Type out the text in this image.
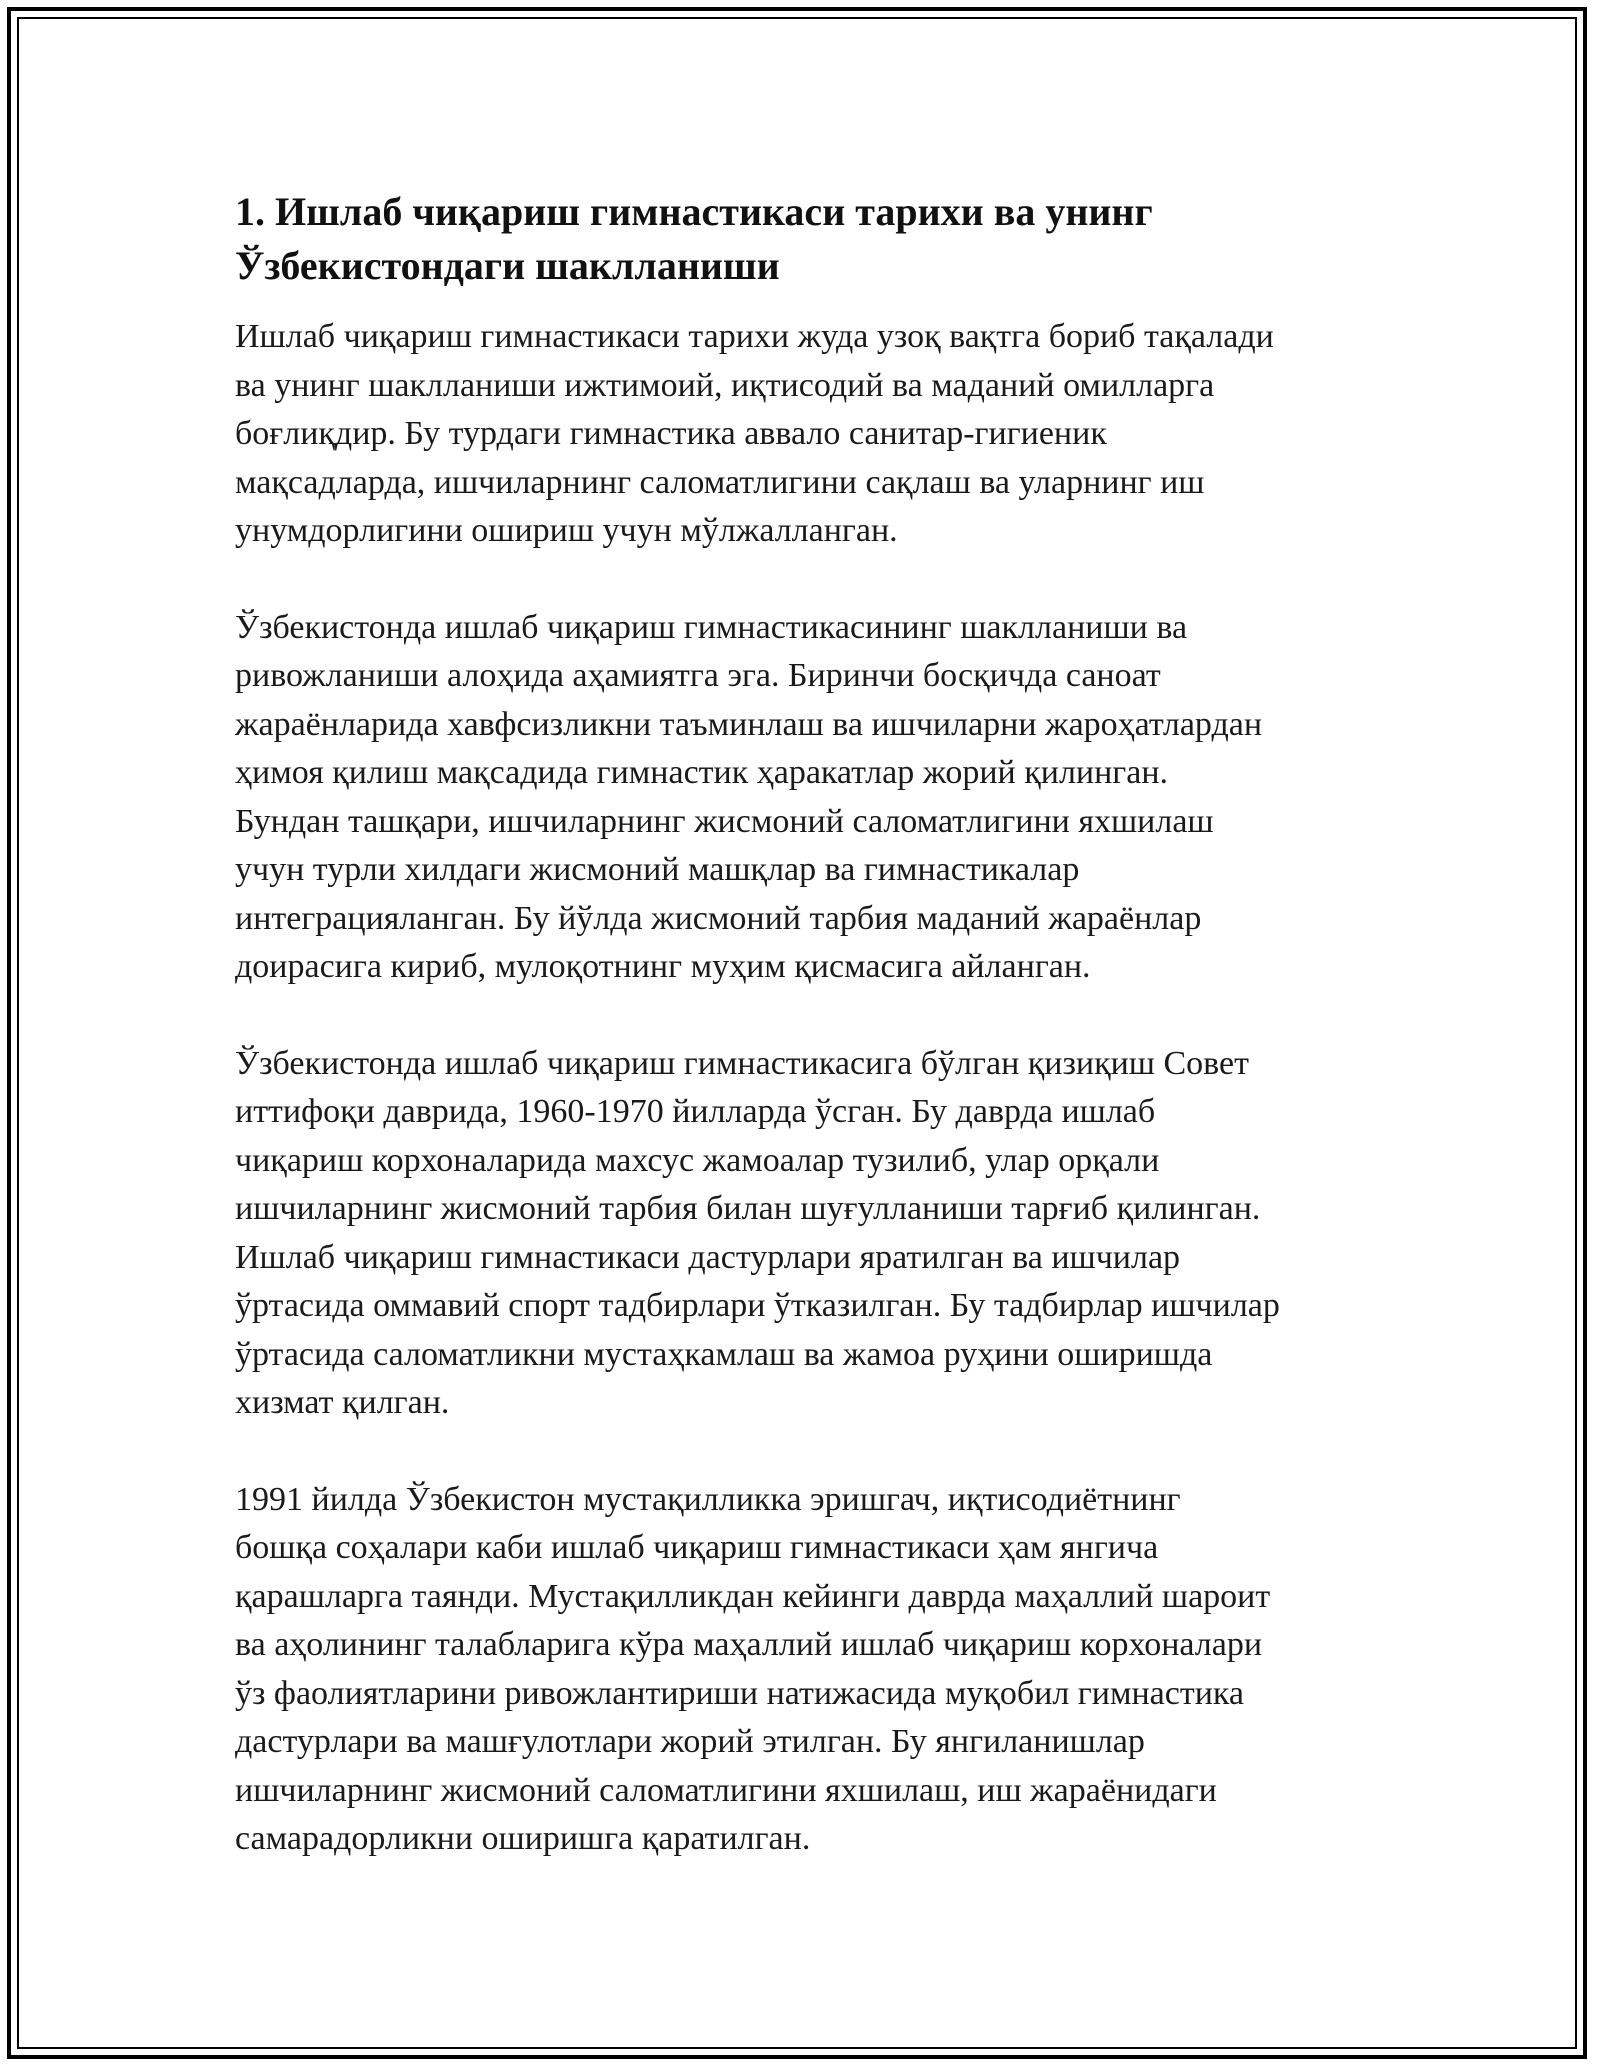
1. Ишлаб чиқариш гимнастикаси тарихи ва унинг
Ўзбекистондаги шаклланиши

Ишлаб чиқариш гимнастикаси тарихи жуда узоқ вақтга бориб тақалади
ва унинг шаклланиши ижтимоий, иқтисодий ва маданий омилларга
боғлиқдир. Бу турдаги гимнастика аввало санитар-гигиеник
мақсадларда, ишчиларнинг саломатлигини сақлаш ва уларнинг иш
унумдорлигини ошириш учун мўлжалланган.

Ўзбекистонда ишлаб чиқариш гимнастикасининг шаклланиши ва
ривожланиши алоҳида аҳамиятга эга. Биринчи босқичда саноат
жараёнларида хавфсизликни таъминлаш ва ишчиларни жароҳатлардан
ҳимоя қилиш мақсадида гимнастик ҳаракатлар жорий қилинган.
Бундан ташқари, ишчиларнинг жисмоний саломатлигини яхшилаш
учун турли хилдаги жисмоний машқлар ва гимнастикалар
интеграцияланган. Бу йўлда жисмоний тарбия маданий жараёнлар
доирасига кириб, мулоқотнинг муҳим қисмасига айланган.

Ўзбекистонда ишлаб чиқариш гимнастикасига бўлган қизиқиш Совет
иттифоқи даврида, 1960-1970 йилларда ўсган. Бу даврда ишлаб
чиқариш корхоналарида махсус жамоалар тузилиб, улар орқали
ишчиларнинг жисмоний тарбия билан шуғулланиши тарғиб қилинган.
Ишлаб чиқариш гимнастикаси дастурлари яратилган ва ишчилар
ўртасида оммавий спорт тадбирлари ўтказилган. Бу тадбирлар ишчилар
ўртасида саломатликни мустаҳкамлаш ва жамоа руҳини оширишда
хизмат қилган.

1991 йилда Ўзбекистон мустақилликка эришгач, иқтисодиётнинг
бошқа соҳалари каби ишлаб чиқариш гимнастикаси ҳам янгича
қарашларга таянди. Мустақилликдан кейинги даврда маҳаллий шароит
ва аҳолининг талабларига кўра маҳаллий ишлаб чиқариш корхоналари
ўз фаолиятларини ривожлантириши натижасида муқобил гимнастика
дастурлари ва машғулотлари жорий этилган. Бу янгиланишлар
ишчиларнинг жисмоний саломатлигини яхшилаш, иш жараёнидаги
самарадорликни оширишга қаратилган.
